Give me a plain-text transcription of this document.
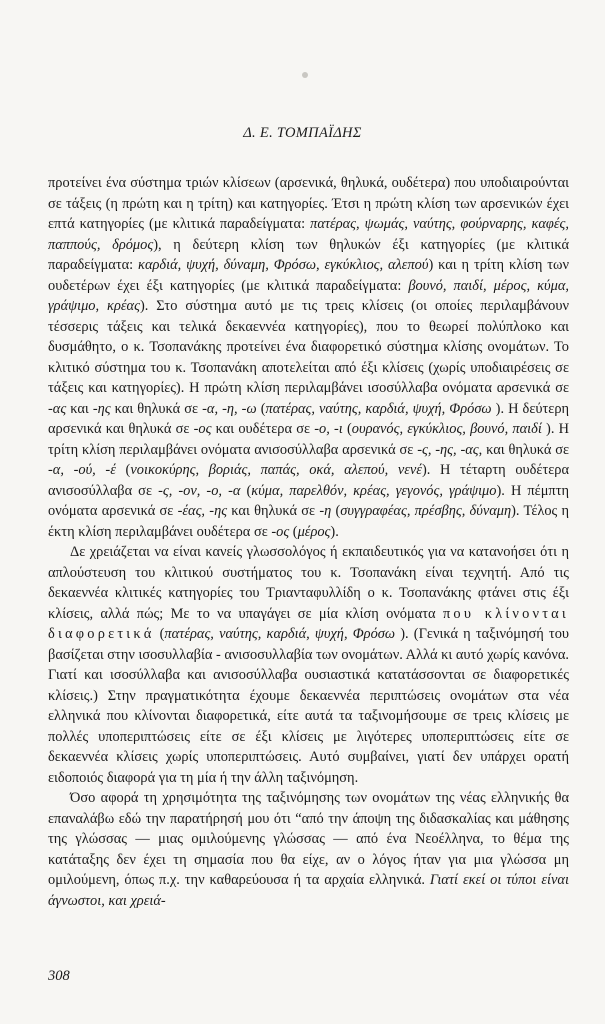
Δ. Ε. ΤΟΜΠΑΪΔΗΣ

προτείνει ένα σύστημα τριών κλίσεων (αρσενικά, θηλυκά, ουδέτερα) που υποδιαιρούνται σε τάξεις (η πρώτη και η τρίτη) και κατηγορίες. Έτσι η πρώτη κλίση των αρσενικών έχει επτά κατηγορίες (με κλιτικά παραδείγματα: πατέρας, ψωμάς, ναύτης, φούρναρης, καφές, παππούς, δρόμος), η δεύτερη κλίση των θηλυκών έξι κατηγορίες (με κλιτικά παραδείγματα: καρδιά, ψυχή, δύναμη, Φρόσω, εγκύκλιος, αλεπού) και η τρίτη κλίση των ουδετέρων έχει έξι κατηγορίες (με κλιτικά παραδείγματα: βουνό, παιδί, μέρος, κύμα, γράψιμο, κρέας). Στο σύστημα αυτό με τις τρεις κλίσεις (οι οποίες περιλαμβάνουν τέσσερις τάξεις και τελικά δεκαεννέα κατηγορίες), που το θεωρεί πολύπλοκο και δυσμάθητο, ο κ. Τσοπανάκης προτείνει ένα διαφορετικό σύστημα κλίσης ονομάτων. Το κλιτικό σύστημα του κ. Τσοπανάκη αποτελείται από έξι κλίσεις (χωρίς υποδιαιρέσεις σε τάξεις και κατηγορίες). Η πρώτη κλίση περιλαμβάνει ισοσύλλαβα ονόματα αρσενικά σε -ας και -ης και θηλυκά σε -α, -η, -ω (πατέρας, ναύτης, καρδιά, ψυχή, Φρόσω ). Η δεύτερη αρσενικά και θηλυκά σε -ος και ουδέτερα σε -ο, -ι (ουρανός, εγκύκλιος, βουνό, παιδί ). Η τρίτη κλίση περιλαμβάνει ονόματα ανισοσύλλαβα αρσενικά σε -ς, -ης, -ας, και θηλυκά σε -α, -ού, -έ (νοικοκύρης, βοριάς, παπάς, οκά, αλεπού, νενέ). Η τέταρτη ουδέτερα ανισοσύλλαβα σε -ς, -ον, -ο, -α (κύμα, παρελθόν, κρέας, γεγονός, γράψιμο). Η πέμπτη ονόματα αρσενικά σε -έας, -ης και θηλυκά σε -η (συγγραφέας, πρέσβης, δύναμη). Τέλος η έκτη κλίση περιλαμβάνει ουδέτερα σε -ος (μέρος).

Δε χρειάζεται να είναι κανείς γλωσσολόγος ή εκπαιδευτικός για να κατανοήσει ότι η απλούστευση του κλιτικού συστήματος του κ. Τσοπανάκη είναι τεχνητή. Από τις δεκαεννέα κλιτικές κατηγορίες του Τριανταφυλλίδη ο κ. Τσοπανάκης φτάνει στις έξι κλίσεις, αλλά πώς; Με το να υπαγάγει σε μία κλίση ονόματα που κλίνονται διαφορετικά (πατέρας, ναύτης, καρδιά, ψυχή, Φρόσω ). (Γενικά η ταξινόμησή του βασίζεται στην ισοσυλλαβία - ανισοσυλλαβία των ονομάτων. Αλλά κι αυτό χωρίς κανόνα. Γιατί και ισοσύλλαβα και ανισοσύλλαβα ουσιαστικά κατατάσσονται σε διαφορετικές κλίσεις.) Στην πραγματικότητα έχουμε δεκαεννέα περιπτώσεις ονομάτων στα νέα ελληνικά που κλίνονται διαφορετικά, είτε αυτά τα ταξινομήσουμε σε τρεις κλίσεις με πολλές υποπεριπτώσεις είτε σε έξι κλίσεις με λιγότερες υποπεριπτώσεις είτε σε δεκαεννέα κλίσεις χωρίς υποπεριπτώσεις. Αυτό συμβαίνει, γιατί δεν υπάρχει ορατή ειδοποιός διαφορά για τη μία ή την άλλη ταξινόμηση.

Όσο αφορά τη χρησιμότητα της ταξινόμησης των ονομάτων της νέας ελληνικής θα επαναλάβω εδώ την παρατήρησή μου ότι “από την άποψη της διδασκαλίας και μάθησης της γλώσσας — μιας ομιλούμενης γλώσσας — από ένα Νεοέλληνα, το θέμα της κατάταξης δεν έχει τη σημασία που θα είχε, αν ο λόγος ήταν για μια γλώσσα μη ομιλούμενη, όπως π.χ. την καθαρεύουσα ή τα αρχαία ελληνικά. Γιατί εκεί οι τύποι είναι άγνωστοι, και χρειά-

308
